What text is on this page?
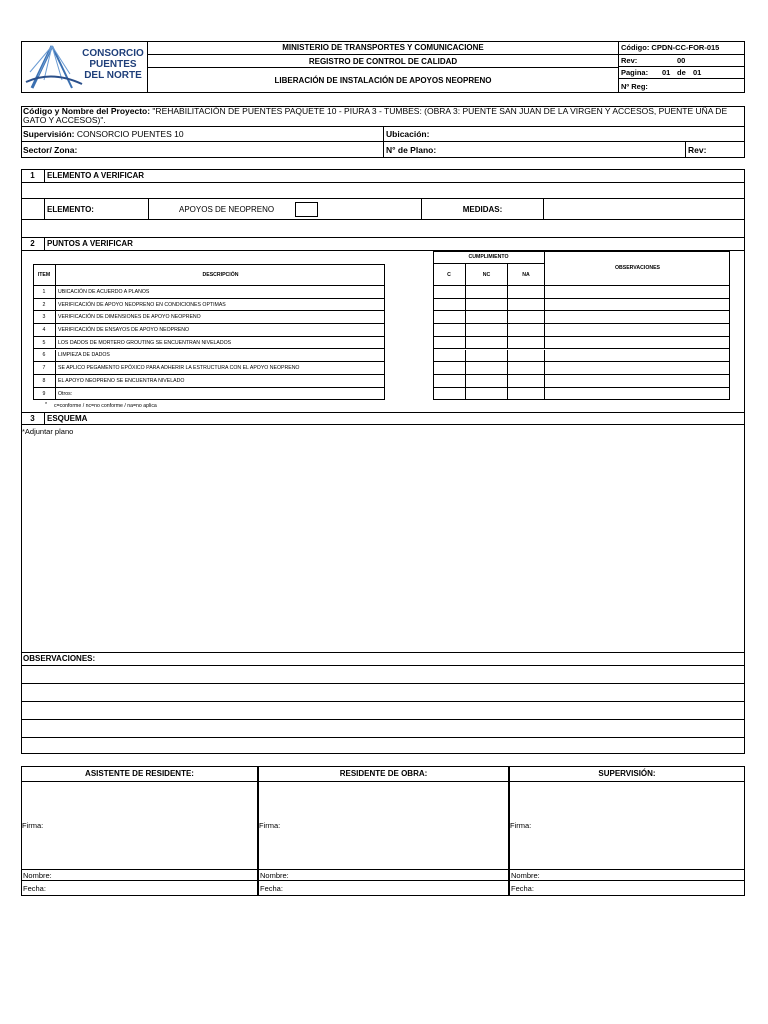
CONSORCIO
PUENTES
DEL NORTE
MINISTERIO DE TRANSPORTES Y COMUNICACIONE
REGISTRO DE CONTROL DE CALIDAD
LIBERACIÓN DE INSTALACIÓN DE APOYOS NEOPRENO
Código: CPDN-CC-FOR-015
Rev:	00
Pagina: 01 de 01
Nº Reg:
Código y Nombre del Proyecto: "REHABILITACIÓN DE PUENTES PAQUETE 10 - PIURA 3 - TUMBES: (OBRA 3: PUENTE SAN JUAN DE LA VIRGEN Y ACCESOS, PUENTE UÑA DE GATO Y ACCESOS)".
Supervisión: CONSORCIO PUENTES 10	Ubicación:
Sector/ Zona:	N° de Plano:	Rev:
1 ELEMENTO A VERIFICAR
ELEMENTO:	APOYOS DE NEOPRENO	MEDIDAS:
2 PUNTOS A VERIFICAR
ITEM	DESCRIPCIÓN
1	UBICACIÓN DE ACUERDO A PLANOS
2	VERIFICACIÓN DE APOYO NEOPRENO EN CONDICIONES OPTIMAS
3	VERIFICACIÓN DE DIMENSIONES DE APOYO NEOPRENO
4	VERIFICACIÓN DE ENSAYOS DE APOYO NEOPRENO
5	LOS DADOS DE MORTERO GROUTING SE ENCUENTRAN NIVELADOS
6	LIMPIEZA DE DADOS
7	SE APLICO PEGAMENTO EPÓXICO PARA ADHERIR LA ESTRUCTURA CON EL APOYO NEOPRENO
8	EL APOYO NEOPRENO SE ENCUENTRA NIVELADO
9	Otros:
* c=conforme / nc=no conforme / na=no aplica
CUMPLIMIENTO
C	NC	NA
OBSERVACIONES
3 ESQUEMA
*Adjuntar plano
OBSERVACIONES:
ASISTENTE DE RESIDENTE:
Firma:
Nombre:
Fecha:
RESIDENTE DE OBRA:
Firma:
Nombre:
Fecha:
SUPERVISIÓN:
Firma:
Nombre:
Fecha:
